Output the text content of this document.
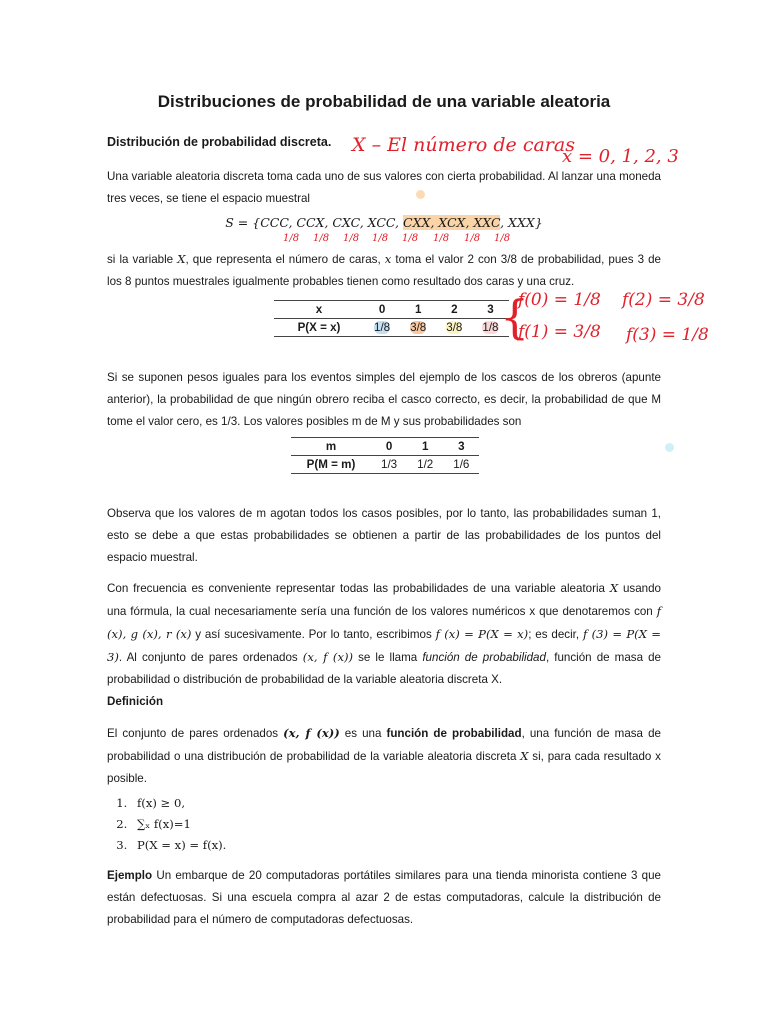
Distribuciones de probabilidad de una variable aleatoria
Distribución de probabilidad discreta.

Una variable aleatoria discreta toma cada uno de sus valores con cierta probabilidad. Al lanzar una moneda tres veces, se tiene el espacio muestral

S = {CCC, CCX, CXC, XCC, CXX, XCX, XXC, XXX}

si la variable X, que representa el número de caras, x toma el valor 2 con 3/8 de probabilidad, pues 3 de los 8 puntos muestrales igualmente probables tienen como resultado dos caras y una cruz.

x	0	1	2	3
P(X = x)	1/8	3/8	3/8	1/8

Si se suponen pesos iguales para los eventos simples del ejemplo de los cascos de los obreros (apunte anterior), la probabilidad de que ningún obrero reciba el casco correcto, es decir, la probabilidad de que M tome el valor cero, es 1/3. Los valores posibles m de M y sus probabilidades son

m	0	1	3
P(M = m)	1/3	1/2	1/6

Observa que los valores de m agotan todos los casos posibles, por lo tanto, las probabilidades suman 1, esto se debe a que estas probabilidades se obtienen a partir de las probabilidades de los puntos del espacio muestral.

Con frecuencia es conveniente representar todas las probabilidades de una variable aleatoria X usando una fórmula, la cual necesariamente sería una función de los valores numéricos x que denotaremos con f (x), g (x), r (x) y así sucesivamente. Por lo tanto, escribimos f (x) = P(X = x); es decir, f (3) = P(X = 3). Al conjunto de pares ordenados (x, f (x)) se le llama función de probabilidad, función de masa de probabilidad o distribución de probabilidad de la variable aleatoria discreta X.

Definición

El conjunto de pares ordenados (x, f (x)) es una función de probabilidad, una función de masa de probabilidad o una distribución de probabilidad de la variable aleatoria discreta X si, para cada resultado x posible.

1. f(x) ≥ 0,
2. ∑ₓ f(x)=1
3. P(X = x) = f(x).

Ejemplo Un embarque de 20 computadoras portátiles similares para una tienda minorista contiene 3 que están defectuosas. Si una escuela compra al azar 2 de estas computadoras, calcule la distribución de probabilidad para el número de computadoras defectuosas.

X – El número de caras
x = 0, 1, 2, 3
1/8 1/8 1/8 1/8 1/8 1/8 1/8 1/8
{
f(0) = 1/8
f(1) = 3/8
f(2) = 3/8
f(3) = 1/8
